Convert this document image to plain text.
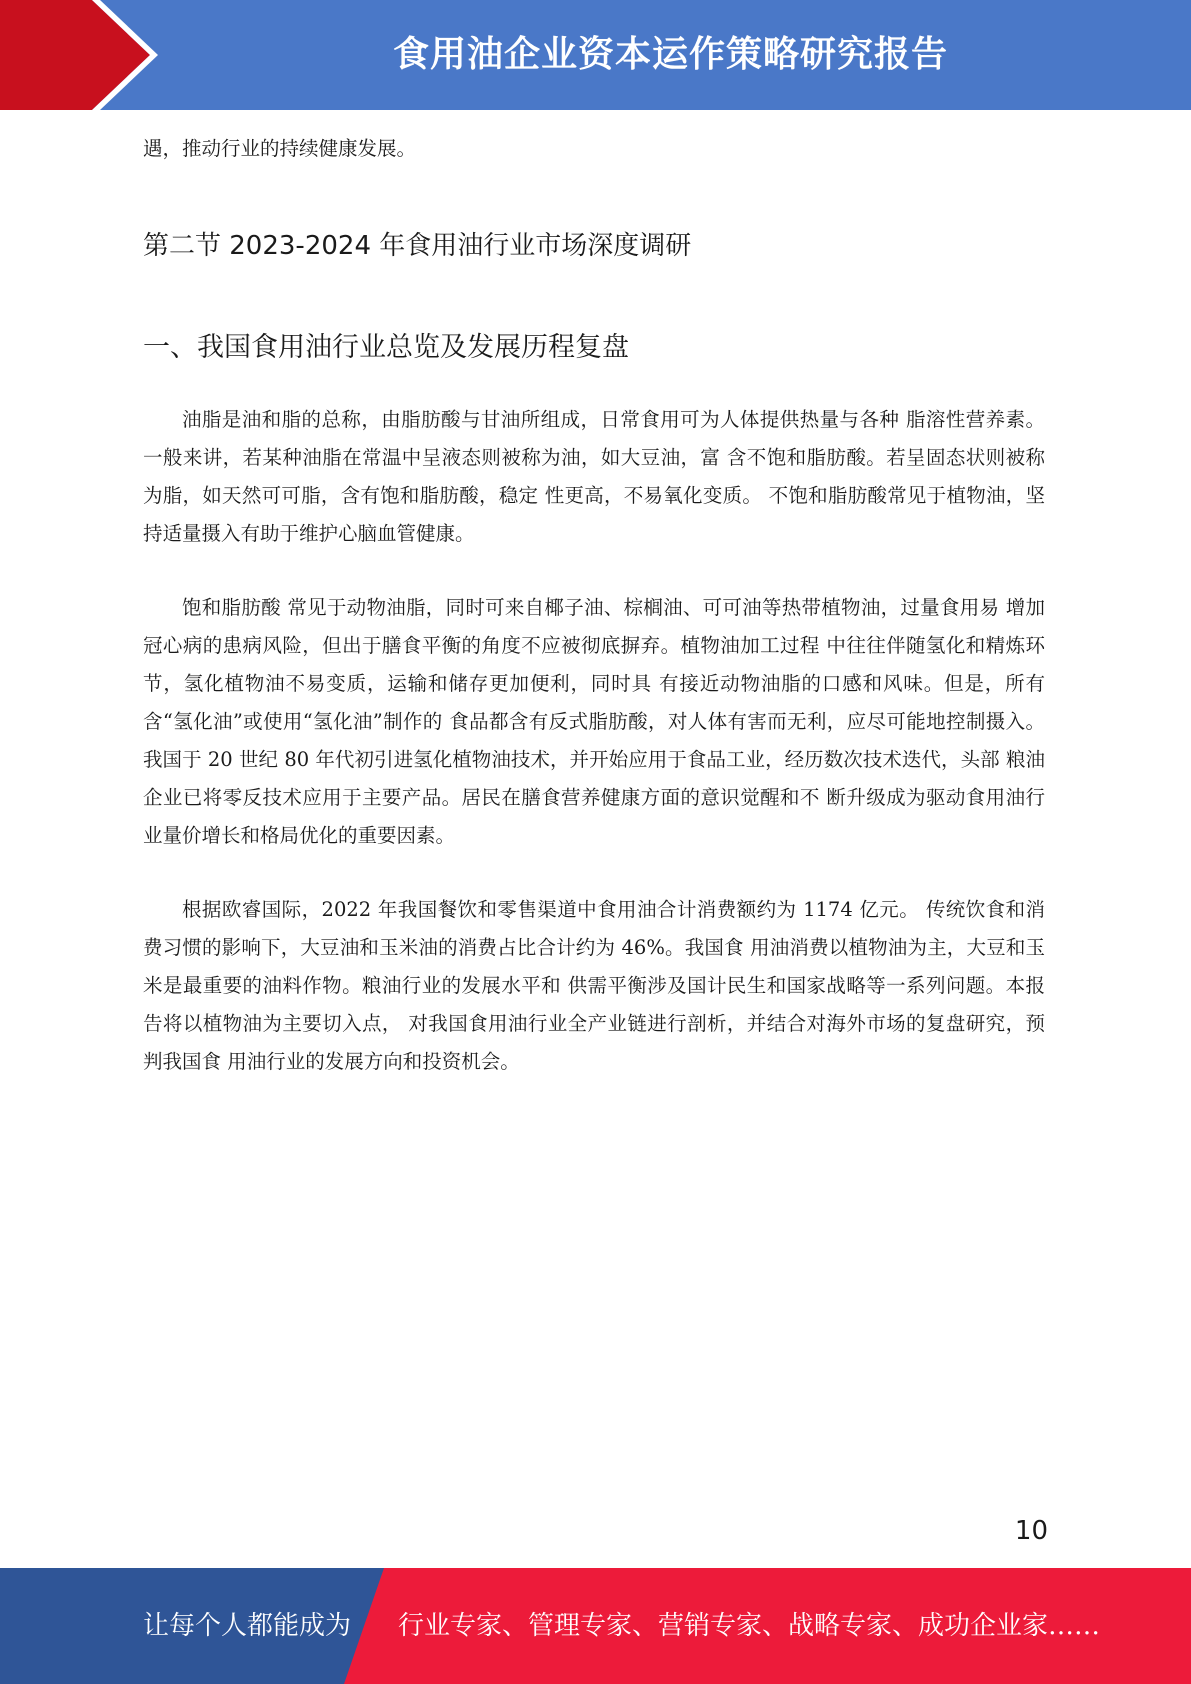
食用油企业资本运作策略研究报告

遇，推动行业的持续健康发展。

第二节 2023-2024 年食用油行业市场深度调研
一、我国食用油行业总览及发展历程复盘

油脂是油和脂的总称，由脂肪酸与甘油所组成，日常食用可为人体提供热量与各种 脂溶性营养素。一般来讲，若某种油脂在常温中呈液态则被称为油，如大豆油，富 含不饱和脂肪酸。若呈固态状则被称为脂，如天然可可脂，含有饱和脂肪酸，稳定 性更高，不易氧化变质。 不饱和脂肪酸常见于植物油，坚持适量摄入有助于维护心脑血管健康。

饱和脂肪酸 常见于动物油脂，同时可来自椰子油、棕榈油、可可油等热带植物油，过量食用易 增加冠心病的患病风险，但出于膳食平衡的角度不应被彻底摒弃。植物油加工过程 中往往伴随氢化和精炼环节，氢化植物油不易变质，运输和储存更加便利，同时具 有接近动物油脂的口感和风味。但是，所有含“氢化油”或使用“氢化油”制作的 食品都含有反式脂肪酸，对人体有害而无利，应尽可能地控制摄入。我国于 20 世纪 80 年代初引进氢化植物油技术，并开始应用于食品工业，经历数次技术迭代，头部 粮油企业已将零反技术应用于主要产品。居民在膳食营养健康方面的意识觉醒和不 断升级成为驱动食用油行业量价增长和格局优化的重要因素。

根据欧睿国际，2022 年我国餐饮和零售渠道中食用油合计消费额约为 1174 亿元。 传统饮食和消费习惯的影响下，大豆油和玉米油的消费占比合计约为 46%。我国食 用油消费以植物油为主，大豆和玉米是最重要的油料作物。粮油行业的发展水平和 供需平衡涉及国计民生和国家战略等一系列问题。本报告将以植物油为主要切入点， 对我国食用油行业全产业链进行剖析，并结合对海外市场的复盘研究，预判我国食 用油行业的发展方向和投资机会。

10
让每个人都能成为 行业专家、管理专家、营销专家、战略专家、成功企业家……
